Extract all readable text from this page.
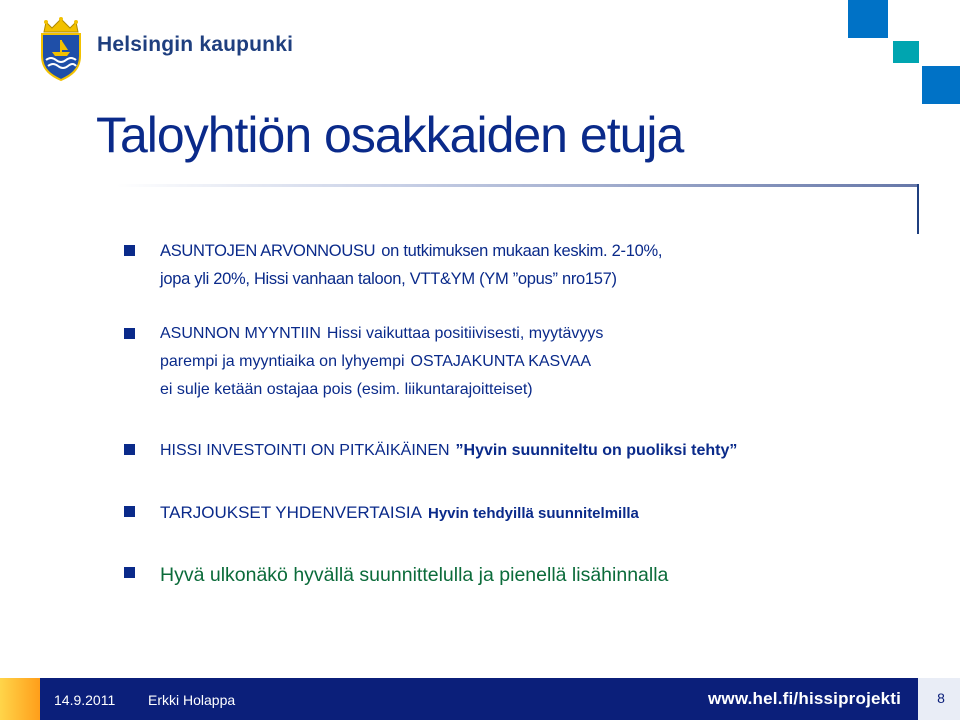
Helsingin kaupunki
Taloyhtiön osakkaiden etuja
ASUNTOJEN ARVONNOUSU on tutkimuksen mukaan keskim. 2-10%,
jopa yli 20%, Hissi vanhaan taloon, VTT&YM (YM ”opus” nro157)
ASUNNON MYYNTIIN Hissi vaikuttaa positiivisesti, myytävyys
parempi ja myyntiaika on lyhyempi OSTAJAKUNTA KASVAA
ei sulje ketään ostajaa pois (esim. liikuntarajoitteiset)
HISSI INVESTOINTI ON PITKÄIKÄINEN ”Hyvin suunniteltu on puoliksi tehty”
TARJOUKSET YHDENVERTAISIA Hyvin tehdyillä suunnitelmilla
Hyvä ulkonäkö hyvällä suunnittelulla ja pienellä lisähinnalla
14.9.2011 Erkki Holappa	www.hel.fi/hissiprojekti	8
